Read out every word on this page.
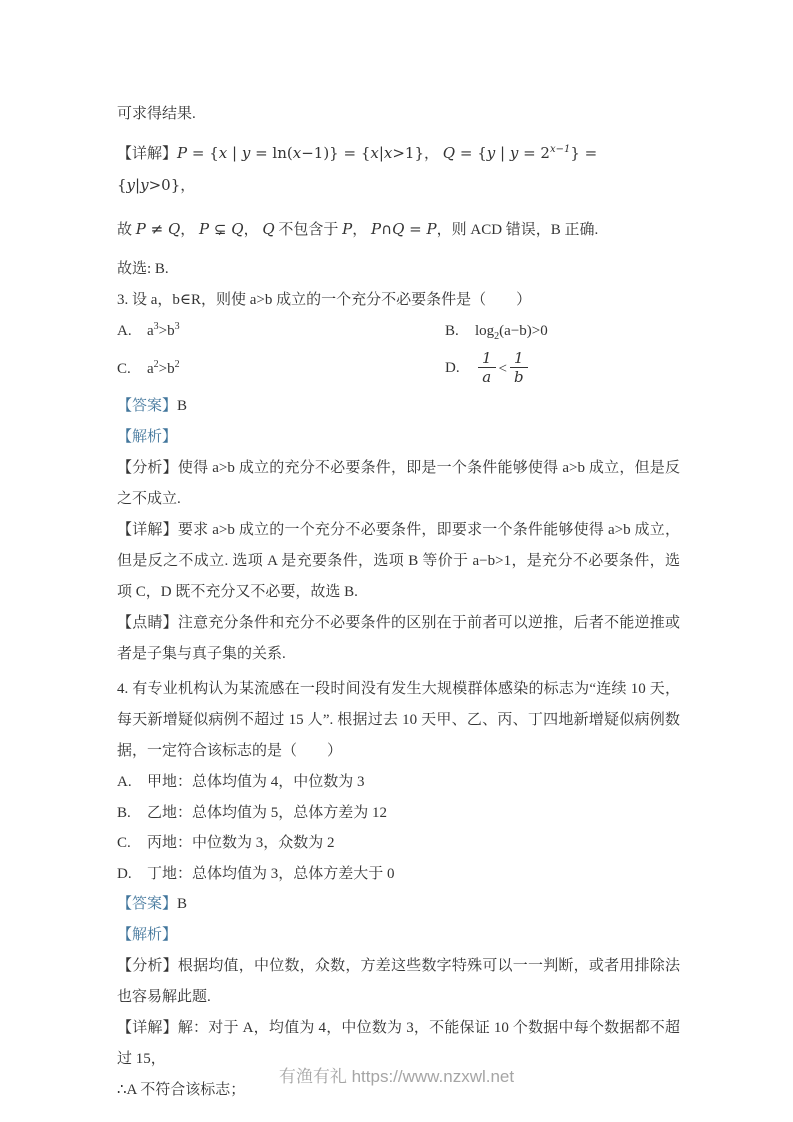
可求得结果.

【详解】P = {x | y = ln(x−1)} = {x|x>1}， Q = {y | $y = 2^{x-1}\} = \{y|y>0\}$，

故 P ≠ Q， P ⊊ Q， Q 不包含于 P， P∩Q = P，则 ACD 错误，B 正确.

故选: B.

3. 设 a，b∈R，则使 a>b 成立的一个充分不必要条件是（　　）

A. $a^3>b^3$	B. $\log_2(a-b)>0$
C. $a^2>b^2$	D. $\frac{1}{a} < \frac{1}{b}$

【答案】B

【解析】

【分析】使得 a>b 成立的充分不必要条件，即是一个条件能够使得 a>b 成立，但是反之不成立.

【详解】要求 a>b 成立的一个充分不必要条件，即要求一个条件能够使得 a>b 成立，但是反之不成立. 选项 A 是充要条件，选项 B 等价于 a−b>1，是充分不必要条件，选项 C，D 既不充分又不必要，故选 B.

【点睛】注意充分条件和充分不必要条件的区别在于前者可以逆推，后者不能逆推或者是子集与真子集的关系.

4. 有专业机构认为某流感在一段时间没有发生大规模群体感染的标志为“连续 10 天，每天新增疑似病例不超过 15 人”. 根据过去 10 天甲、乙、丙、丁四地新增疑似病例数据，一定符合该标志的是（　　）

A. 甲地：总体均值为 4，中位数为 3

B. 乙地：总体均值为 5，总体方差为 12

C. 丙地：中位数为 3，众数为 2

D. 丁地：总体均值为 3，总体方差大于 0

【答案】B

【解析】

【分析】根据均值，中位数，众数，方差这些数字特殊可以一一判断，或者用排除法也容易解此题.

【详解】解：对于 A，均值为 4，中位数为 3，不能保证 10 个数据中每个数据都不超过 15，

∴A 不符合该标志；

有渔有礼 https://www.nzxwl.net
